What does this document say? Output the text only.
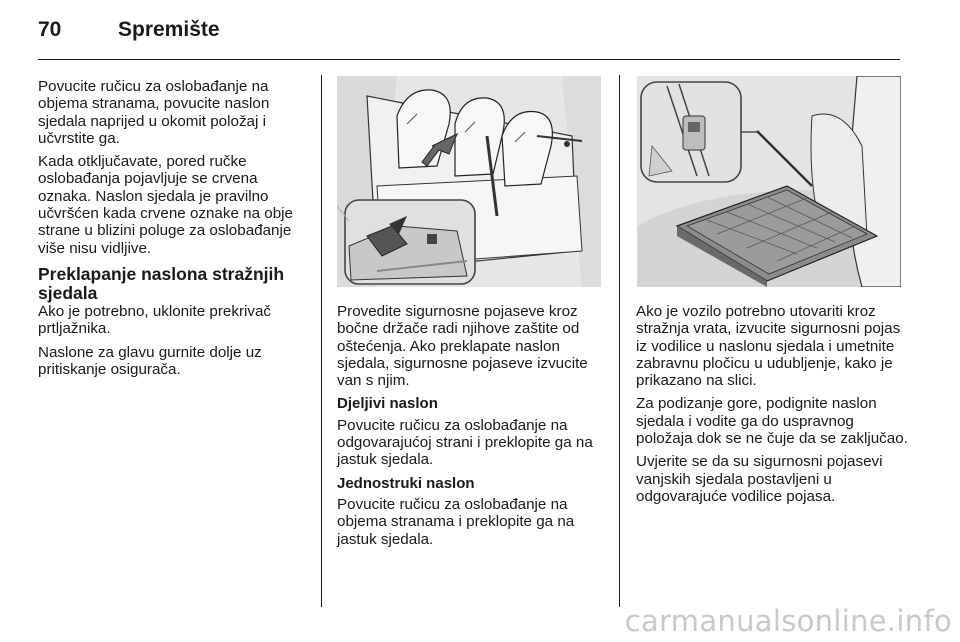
70	Spremište

Povucite ručicu za oslobađanje na objema stranama, povucite naslon sjedala naprijed u okomit položaj i učvrstite ga.

Kada otključavate, pored ručke oslobađanja pojavljuje se crvena oznaka. Naslon sjedala je pravilno učvršćen kada crvene oznake na obje strane u blizini poluge za oslobađanje više nisu vidljive.

Preklapanje naslona stražnjih sjedala

Ako je potrebno, uklonite prekrivač prtljažnika.

Naslone za glavu gurnite dolje uz pritiskanje osigurača.

Provedite sigurnosne pojaseve kroz bočne držače radi njihove zaštite od oštećenja. Ako preklapate naslon sjedala, sigurnosne pojaseve izvucite van s njim.

Djeljivi naslon

Povucite ručicu za oslobađanje na odgovarajućoj strani i preklopite ga na jastuk sjedala.

Jednostruki naslon

Povucite ručicu za oslobađanje na objema stranama i preklopite ga na jastuk sjedala.

Ako je vozilo potrebno utovariti kroz stražnja vrata, izvucite sigurnosni pojas iz vodilice u naslonu sjedala i umetnite zabravnu pločicu u udubljenje, kako je prikazano na slici.

Za podizanje gore, podignite naslon sjedala i vodite ga do uspravnog položaja dok se ne čuje da se zaključao.

Uvjerite se da su sigurnosni pojasevi vanjskih sjedala postavljeni u odgovarajuće vodilice pojasa.

carmanualsonline.info
